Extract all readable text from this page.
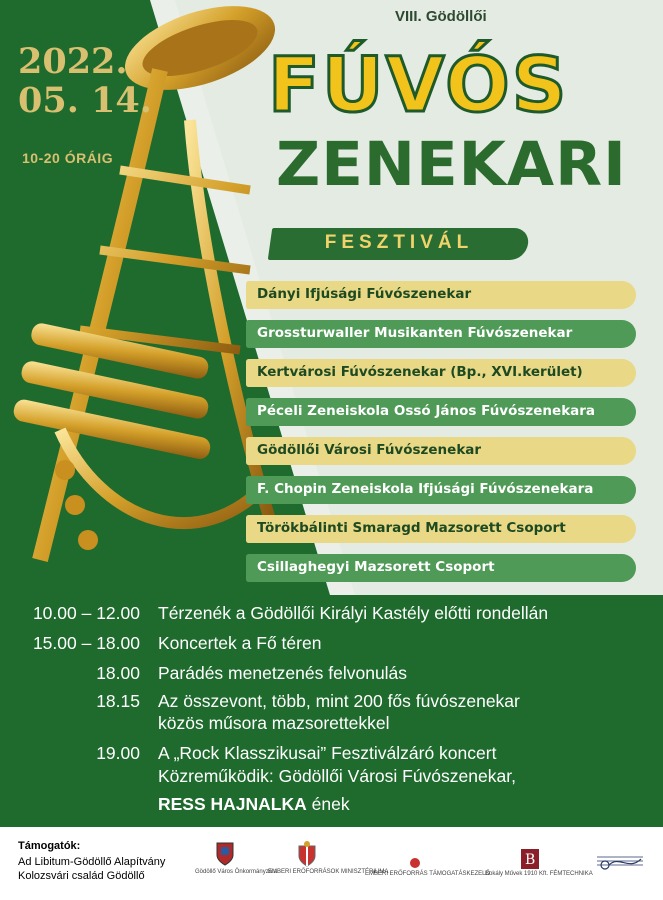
2022.
05. 14.
10-20 ÓRÁIG
VIII. Gödöllői
FÚVÓS
ZENEKARI
FESZTIVÁL
Dányi Ifjúsági Fúvószenekar
Grossturwaller Musikanten Fúvószenekar
Kertvárosi Fúvószenekar (Bp., XVI.kerület)
Péceli Zeneiskola Ossó János Fúvószenekara
Gödöllői Városi Fúvószenekar
F. Chopin Zeneiskola Ifjúsági Fúvószenekara
Törökbálinti Smaragd Mazsorett Csoport
Csillaghegyi Mazsorett Csoport
10.00 – 12.00 Térzenék a Gödöllői Királyi Kastély előtti rondellán
15.00 – 18.00 Koncertek a Fő téren
18.00 Parádés menetzenés felvonulás
18.15 Az összevont, több, mint 200 fős fúvószenekar
közös műsora mazsorettekkel
19.00 A „Rock Klasszikusai” Fesztiválzáró koncert
Közreműködik: Gödöllői Városi Fúvószenekar,
RESS HAJNALKA ének
Támogatók:
Ad Libitum-Gödöllő Alapítvány
Kolozsvári család Gödöllő	Gödöllő Város Önkormányzata
EMBERI ERŐFORRÁSOK MINISZTÉRIUMA
EMBERI ERŐFORRÁS TÁMOGATÁSKEZELŐ
B
Bokály Művek 1910 Kft. FÉMTECHNIKA
